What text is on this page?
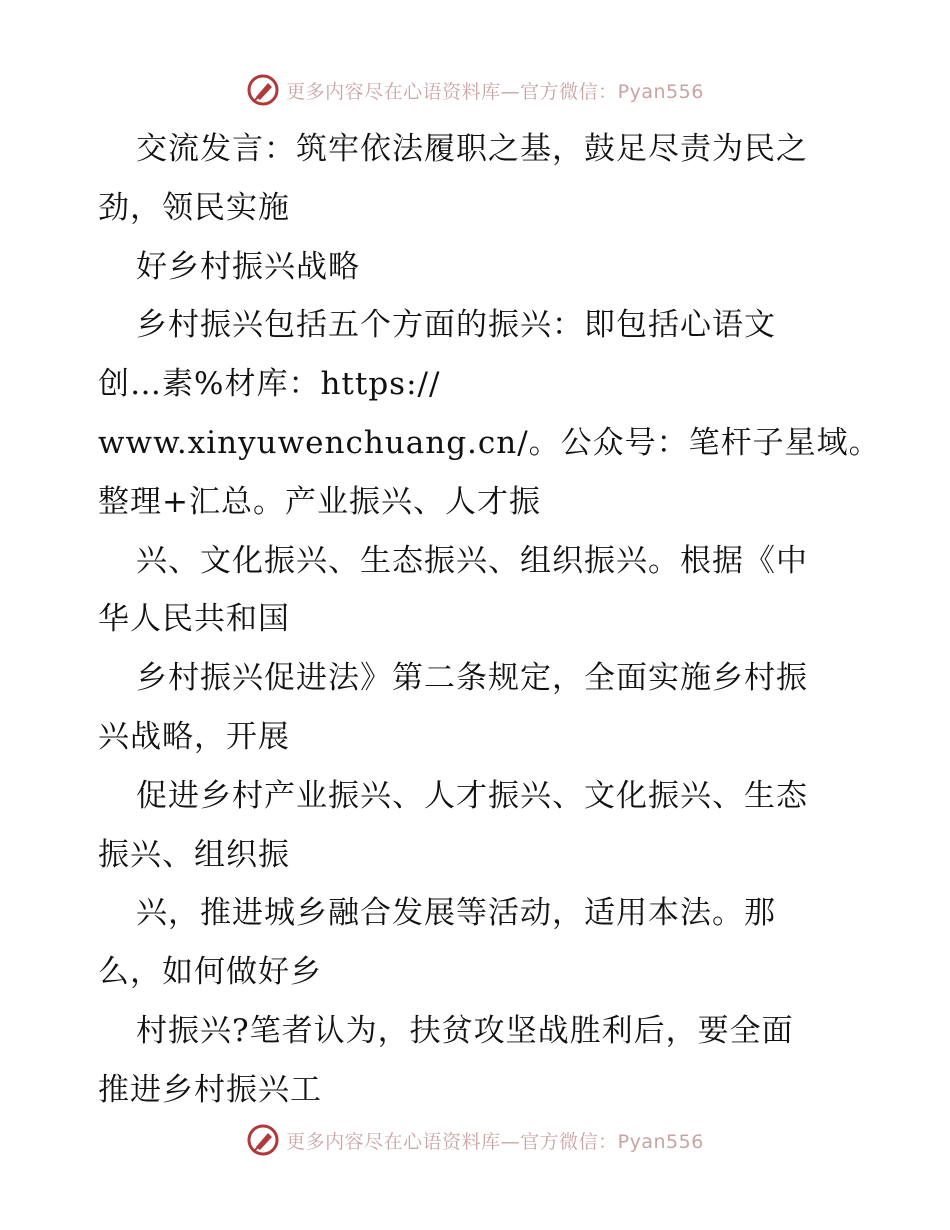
更多内容尽在心语资料库—官方微信：Pyan556
交流发言：筑牢依法履职之基，鼓足尽责为民之
劲，领民实施
好乡村振兴战略
乡村振兴包括五个方面的振兴：即包括心语文
创…素%材库：https://
www.xinyuwenchuang.cn/。公众号：笔杆子星域。
整理+汇总。产业振兴、人才振
兴、文化振兴、生态振兴、组织振兴。根据《中
华人民共和国
乡村振兴促进法》第二条规定，全面实施乡村振
兴战略，开展
促进乡村产业振兴、人才振兴、文化振兴、生态
振兴、组织振
兴，推进城乡融合发展等活动，适用本法。那
么，如何做好乡
村振兴?笔者认为，扶贫攻坚战胜利后，要全面
推进乡村振兴工
更多内容尽在心语资料库—官方微信：Pyan556
